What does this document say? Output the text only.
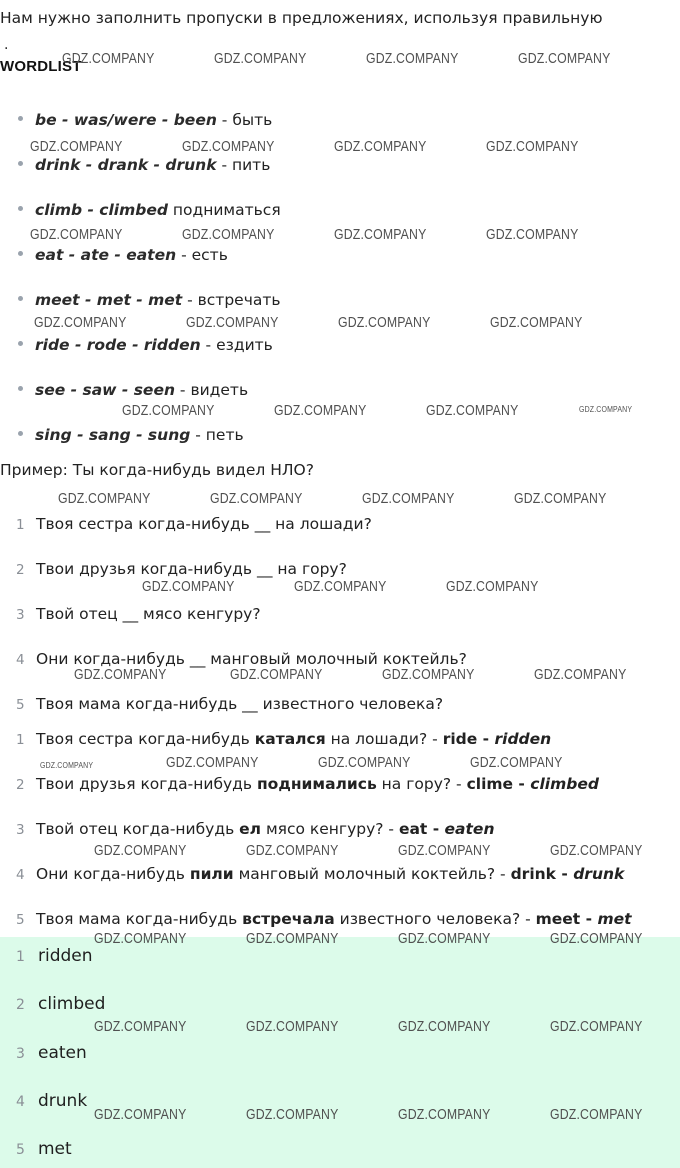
Нам нужно заполнить пропуски в предложениях, используя правильную
.
WORDLIST
be - was/were - been - быть
drink - drank - drunk - пить
climb - climbed подниматься
eat - ate - eaten - есть
meet - met - met - встречать
ride - rode - ridden - ездить
see - saw - seen - видеть
sing - sang - sung - петь
Пример: Ты когда-нибудь видел НЛО?
1 Твоя сестра когда-нибудь __ на лошади?
2 Твои друзья когда-нибудь __ на гору?
3 Твой отец __ мясо кенгуру?
4 Они когда-нибудь __ манговый молочный коктейль?
5 Твоя мама когда-нибудь __ известного человека?
1 Твоя сестра когда-нибудь катался на лошади? - ride - ridden
2 Твои друзья когда-нибудь поднимались на гору? - clime - climbed
3 Твой отец когда-нибудь ел мясо кенгуру? - eat - eaten
4 Они когда-нибудь пили манговый молочный коктейль? - drink - drunk
5 Твоя мама когда-нибудь встречала известного человека? - meet - met
1 ridden
2 climbed
3 eaten
4 drunk
5 met
GDZ.COMPANY	GDZ.COMPANY	GDZ.COMPANY	GDZ.COMPANY
GDZ.COMPANY	GDZ.COMPANY	GDZ.COMPANY	GDZ.COMPANY
GDZ.COMPANY	GDZ.COMPANY	GDZ.COMPANY	GDZ.COMPANY
GDZ.COMPANY	GDZ.COMPANY	GDZ.COMPANY	GDZ.COMPANY
GDZ.COMPANY	GDZ.COMPANY	GDZ.COMPANY	GDZ.COMPANY
GDZ.COMPANY	GDZ.COMPANY	GDZ.COMPANY	GDZ.COMPANY
GDZ.COMPANY	GDZ.COMPANY	GDZ.COMPANY
GDZ.COMPANY	GDZ.COMPANY	GDZ.COMPANY	GDZ.COMPANY
GDZ.COMPANY	GDZ.COMPANY	GDZ.COMPANY	GDZ.COMPANY
GDZ.COMPANY	GDZ.COMPANY	GDZ.COMPANY	GDZ.COMPANY
GDZ.COMPANY	GDZ.COMPANY	GDZ.COMPANY	GDZ.COMPANY
GDZ.COMPANY	GDZ.COMPANY	GDZ.COMPANY	GDZ.COMPANY
GDZ.COMPANY	GDZ.COMPANY	GDZ.COMPANY	GDZ.COMPANY
